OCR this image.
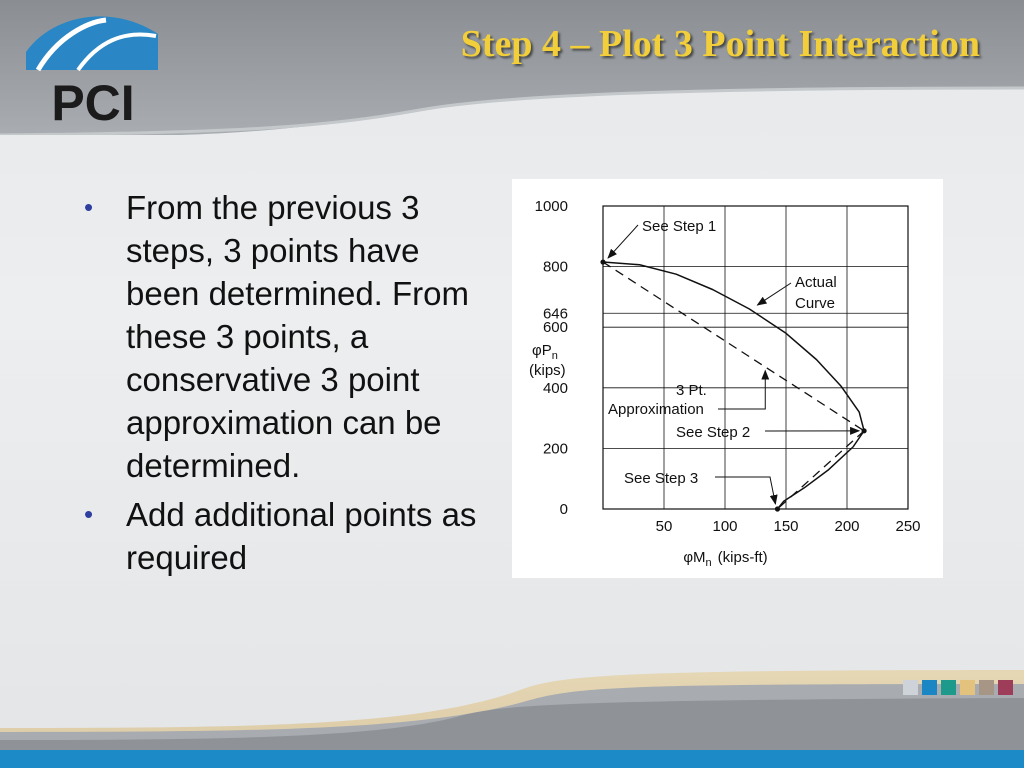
PCI
Step 4 – Plot 3 Point Interaction
• From the previous 3 steps, 3 points have been determined. From these 3 points, a conservative 3 point approximation can be determined.
• Add additional points as required
50	100 150 200 250
0
200
400
600
646
800
1000
See Step 1
Actual
Curve
3 Pt.
Approximation
See Step 2
See Step 3
$\varphi M_n$ (kips-ft)
$\varphi P_n$
(kips)
